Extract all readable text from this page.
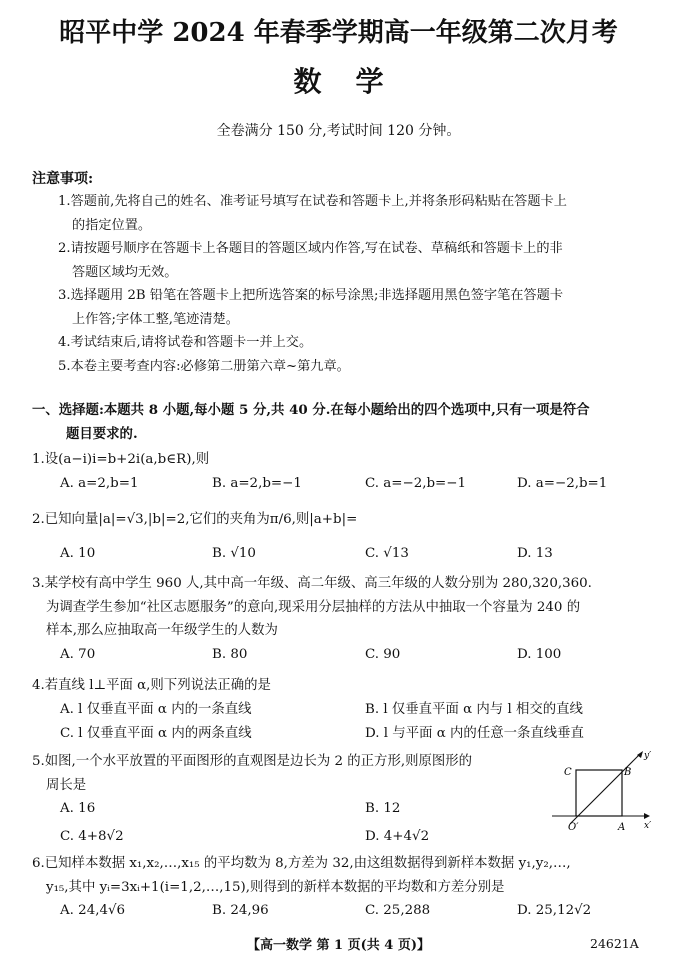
昭平中学 2024 年春季学期高一年级第二次月考
数学
全卷满分 150 分,考试时间 120 分钟。
注意事项:

1.答题前,先将自己的姓名、准考证号填写在试卷和答题卡上,并将条形码粘贴在答题卡上

的指定位置。

2.请按题号顺序在答题卡上各题目的答题区域内作答,写在试卷、草稿纸和答题卡上的非

答题区域均无效。

3.选择题用 2B 铅笔在答题卡上把所选答案的标号涂黑;非选择题用黑色签字笔在答题卡

上作答;字体工整,笔迹清楚。

4.考试结束后,请将试卷和答题卡一并上交。

5.本卷主要考查内容:必修第二册第六章~第九章。

一、选择题:本题共 8 小题,每小题 5 分,共 40 分.在每小题给出的四个选项中,只有一项是符合
题目要求的.

1.设(a−i)i=b+2i(a,b∈R),则

A. a=2,b=1	B. a=2,b=−1	C. a=−2,b=−1	D. a=−2,b=1

2.已知向量|a|=√3,|b|=2,它们的夹角为π/6,则|a+b|=

A. 10	B. √10	C. √13	D. 13

3.某学校有高中学生 960 人,其中高一年级、高二年级、高三年级的人数分别为 280,320,360.

为调查学生参加“社区志愿服务”的意向,现采用分层抽样的方法从中抽取一个容量为 240 的

样本,那么应抽取高一年级学生的人数为

A. 70	B. 80	C. 90	D. 100

4.若直线 l⊥平面 α,则下列说法正确的是

A. l 仅垂直平面 α 内的一条直线	B. l 仅垂直平面 α 内与 l 相交的直线
C. l 仅垂直平面 α 内的两条直线	D. l 与平面 α 内的任意一条直线垂直

5.如图,一个水平放置的平面图形的直观图是边长为 2 的正方形,则原图形的

周长是

A. 16	B. 12
C. 4+8√2	D. 4+4√2
C	B
O′	A x′
y′

6.已知样本数据 x₁,x₂,…,x₁₅ 的平均数为 8,方差为 32,由这组数据得到新样本数据 y₁,y₂,…,

y₁₅,其中 yᵢ=3xᵢ+1(i=1,2,…,15),则得到的新样本数据的平均数和方差分别是

A. 24,4√6	B. 24,96	C. 25,288	D. 25,12√2
【高一数学 第 1 页(共 4 页)】	24621A
